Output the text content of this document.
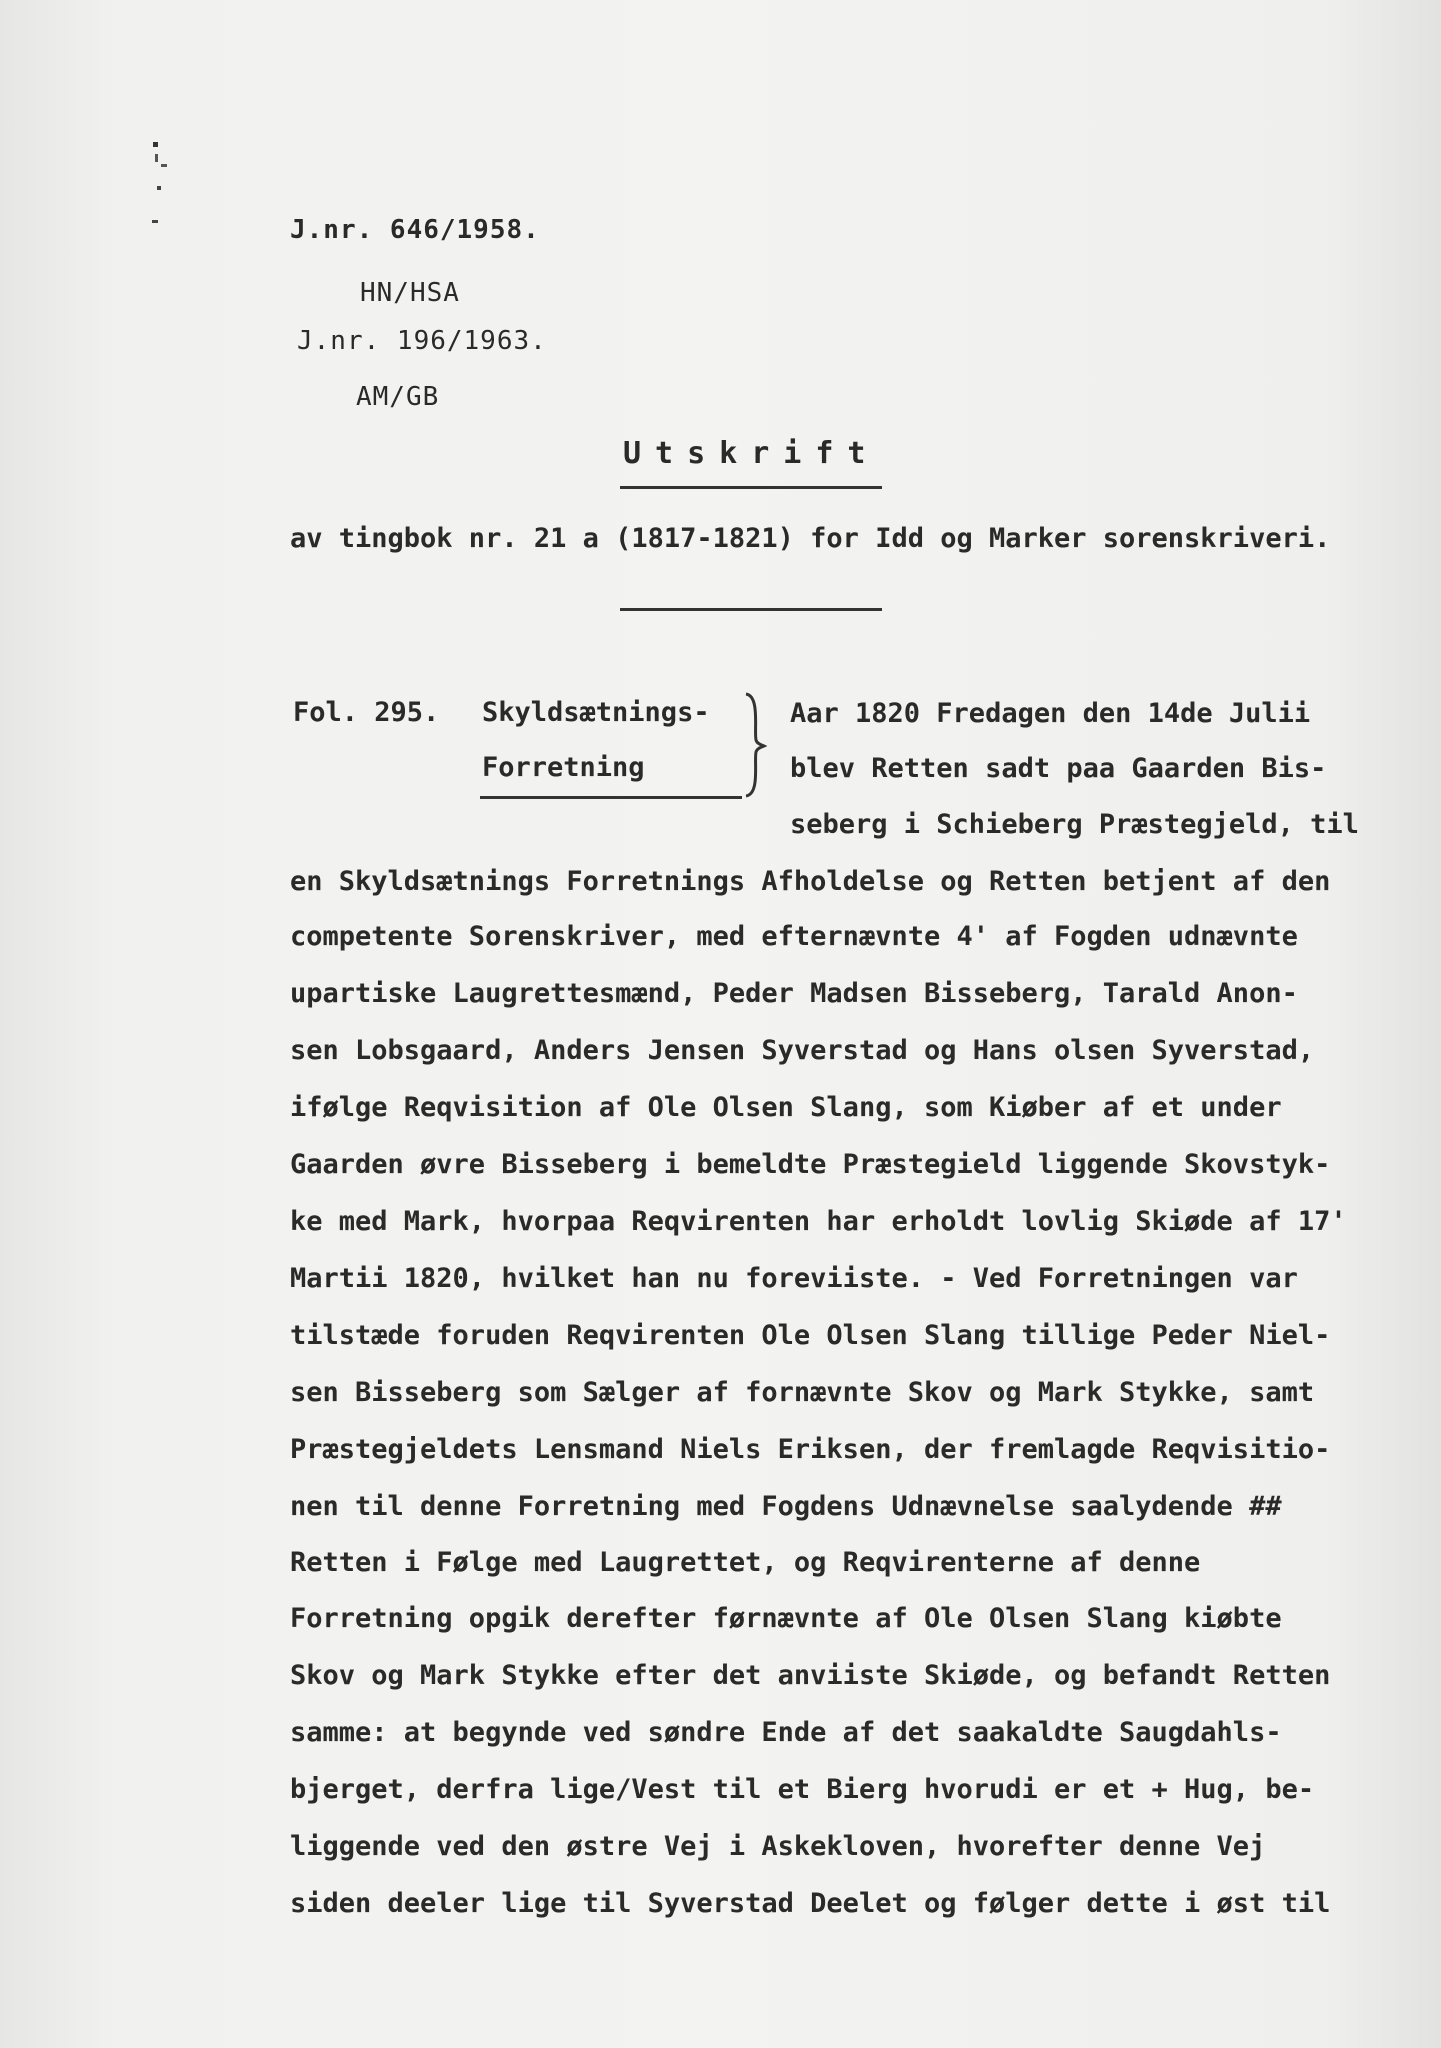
J.nr. 646/1958.
HN/HSA
J.nr. 196/1963.
AM/GB
Utskrift
av tingbok nr. 21 a (1817-1821) for Idd og Marker sorenskriveri.
Fol. 295. Skyldsætnings-
Forretning
Aar 1820 Fredagen den 14de Julii
blev Retten sadt paa Gaarden Bis-
seberg i Schieberg Præstegjeld, til
en Skyldsætnings Forretnings Afholdelse og Retten betjent af den
competente Sorenskriver, med efternævnte 4' af Fogden udnævnte
upartiske Laugrettesmænd, Peder Madsen Bisseberg, Tarald Anon-
sen Lobsgaard, Anders Jensen Syverstad og Hans olsen Syverstad,
ifølge Reqvisition af Ole Olsen Slang, som Kiøber af et under
Gaarden øvre Bisseberg i bemeldte Præstegield liggende Skovstyk-
ke med Mark, hvorpaa Reqvirenten har erholdt lovlig Skiøde af 17'
Martii 1820, hvilket han nu foreviiste. - Ved Forretningen var
tilstæde foruden Reqvirenten Ole Olsen Slang tillige Peder Niel-
sen Bisseberg som Sælger af fornævnte Skov og Mark Stykke, samt
Præstegjeldets Lensmand Niels Eriksen, der fremlagde Reqvisitio-
nen til denne Forretning med Fogdens Udnævnelse saalydende ##
Retten i Følge med Laugrettet, og Reqvirenterne af denne
Forretning opgik derefter førnævnte af Ole Olsen Slang kiøbte
Skov og Mark Stykke efter det anviiste Skiøde, og befandt Retten
samme: at begynde ved søndre Ende af det saakaldte Saugdahls-
bjerget, derfra lige/Vest til et Bierg hvorudi er et + Hug, be-
liggende ved den østre Vej i Askekloven, hvorefter denne Vej
siden deeler lige til Syverstad Deelet og følger dette i øst til
